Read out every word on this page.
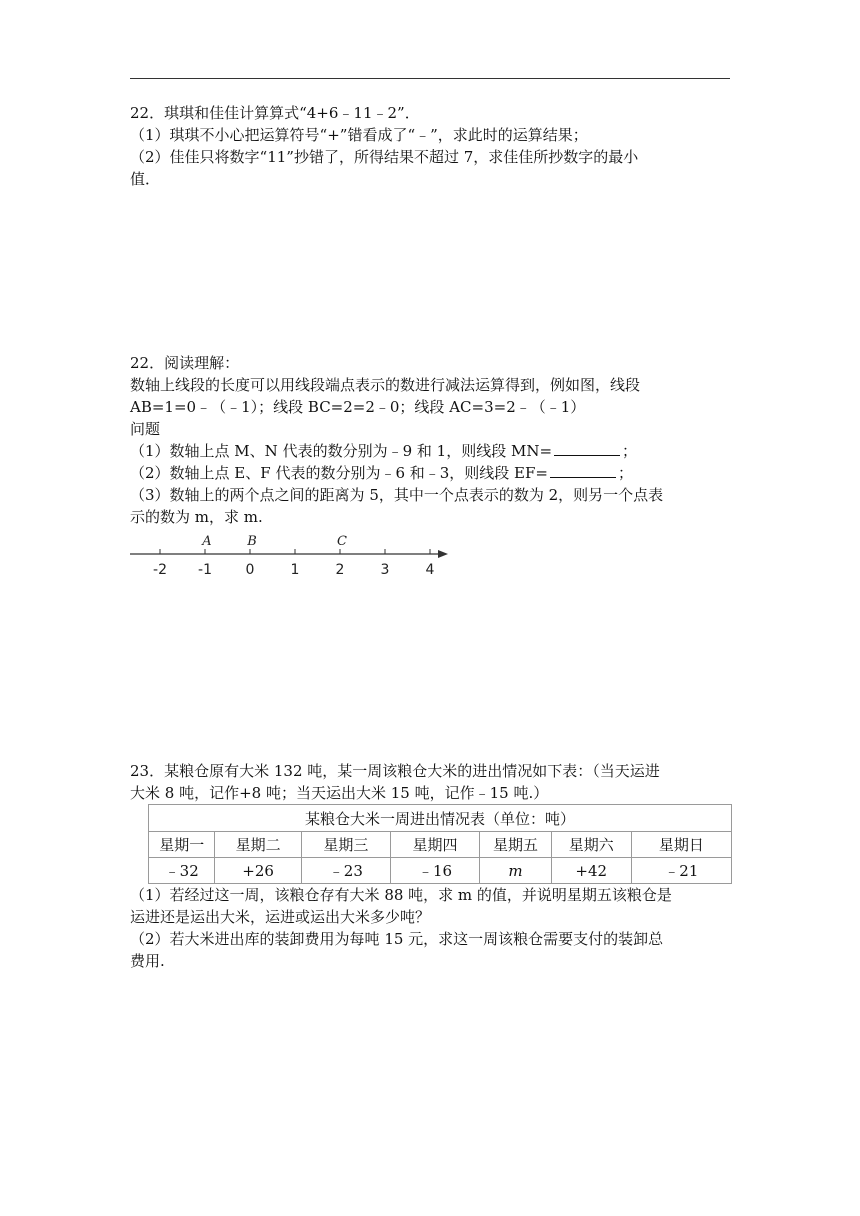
22．琪琪和佳佳计算算式“4+6﹣11﹣2”．
（1）琪琪不小心把运算符号“+”错看成了“﹣”，求此时的运算结果；
（2）佳佳只将数字“11”抄错了，所得结果不超过 7，求佳佳所抄数字的最小
值．
22．阅读理解：
数轴上线段的长度可以用线段端点表示的数进行减法运算得到，例如图，线段
AB=1=0﹣（﹣1）；线段 BC=2=2﹣0；线段 AC=3=2﹣（﹣1）
问题
（1）数轴上点 M、N 代表的数分别为﹣9 和 1，则线段 MN=	；
（2）数轴上点 E、F 代表的数分别为﹣6 和﹣3，则线段 EF=	；
（3）数轴上的两个点之间的距离为 5，其中一个点表示的数为 2，则另一个点表
示的数为 m，求 m.
-2 -1 0	1	2	3	4
A	B	C
23．某粮仓原有大米 132 吨，某一周该粮仓大米的进出情况如下表：（当天运进
大米 8 吨，记作+8 吨；当天运出大米 15 吨，记作﹣15 吨.）
某粮仓大米一周进出情况表（单位：吨）						
星期一	星期二	星期三	星期四	星期五	星期六	星期日
﹣32	+26	﹣23	﹣16	m	+42	﹣21
（1）若经过这一周，该粮仓存有大米 88 吨，求 m 的值，并说明星期五该粮仓是
运进还是运出大米，运进或运出大米多少吨？
（2）若大米进出库的装卸费用为每吨 15 元，求这一周该粮仓需要支付的装卸总
费用.
